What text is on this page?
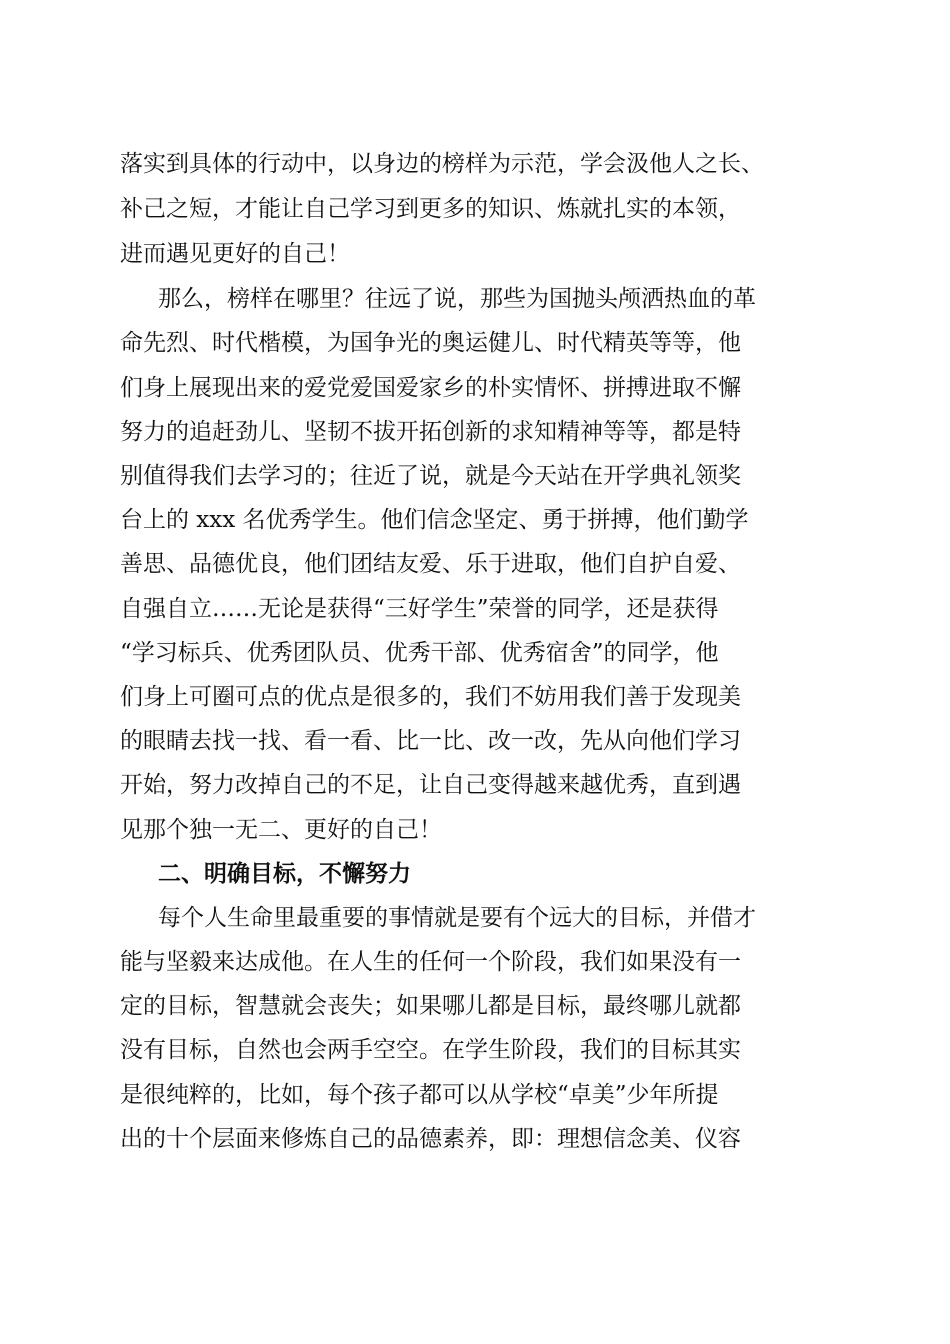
落实到具体的行动中，以身边的榜样为示范，学会汲他人之长、
补己之短，才能让自己学习到更多的知识、炼就扎实的本领，
进而遇见更好的自己！
那么，榜样在哪里？往远了说，那些为国抛头颅洒热血的革
命先烈、时代楷模，为国争光的奥运健儿、时代精英等等，他
们身上展现出来的爱党爱国爱家乡的朴实情怀、拼搏进取不懈
努力的追赶劲儿、坚韧不拔开拓创新的求知精神等等，都是特
别值得我们去学习的；往近了说，就是今天站在开学典礼领奖
台上的 xxx 名优秀学生。他们信念坚定、勇于拼搏，他们勤学
善思、品德优良，他们团结友爱、乐于进取，他们自护自爱、
自强自立……无论是获得“三好学生”荣誉的同学，还是获得
“学习标兵、优秀团队员、优秀干部、优秀宿舍”的同学，他
们身上可圈可点的优点是很多的，我们不妨用我们善于发现美
的眼睛去找一找、看一看、比一比、改一改，先从向他们学习
开始，努力改掉自己的不足，让自己变得越来越优秀，直到遇
见那个独一无二、更好的自己！
二、明确目标，不懈努力
每个人生命里最重要的事情就是要有个远大的目标，并借才
能与坚毅来达成他。在人生的任何一个阶段，我们如果没有一
定的目标，智慧就会丧失；如果哪儿都是目标，最终哪儿就都
没有目标，自然也会两手空空。在学生阶段，我们的目标其实
是很纯粹的，比如，每个孩子都可以从学校“卓美”少年所提
出的十个层面来修炼自己的品德素养，即：理想信念美、仪容
